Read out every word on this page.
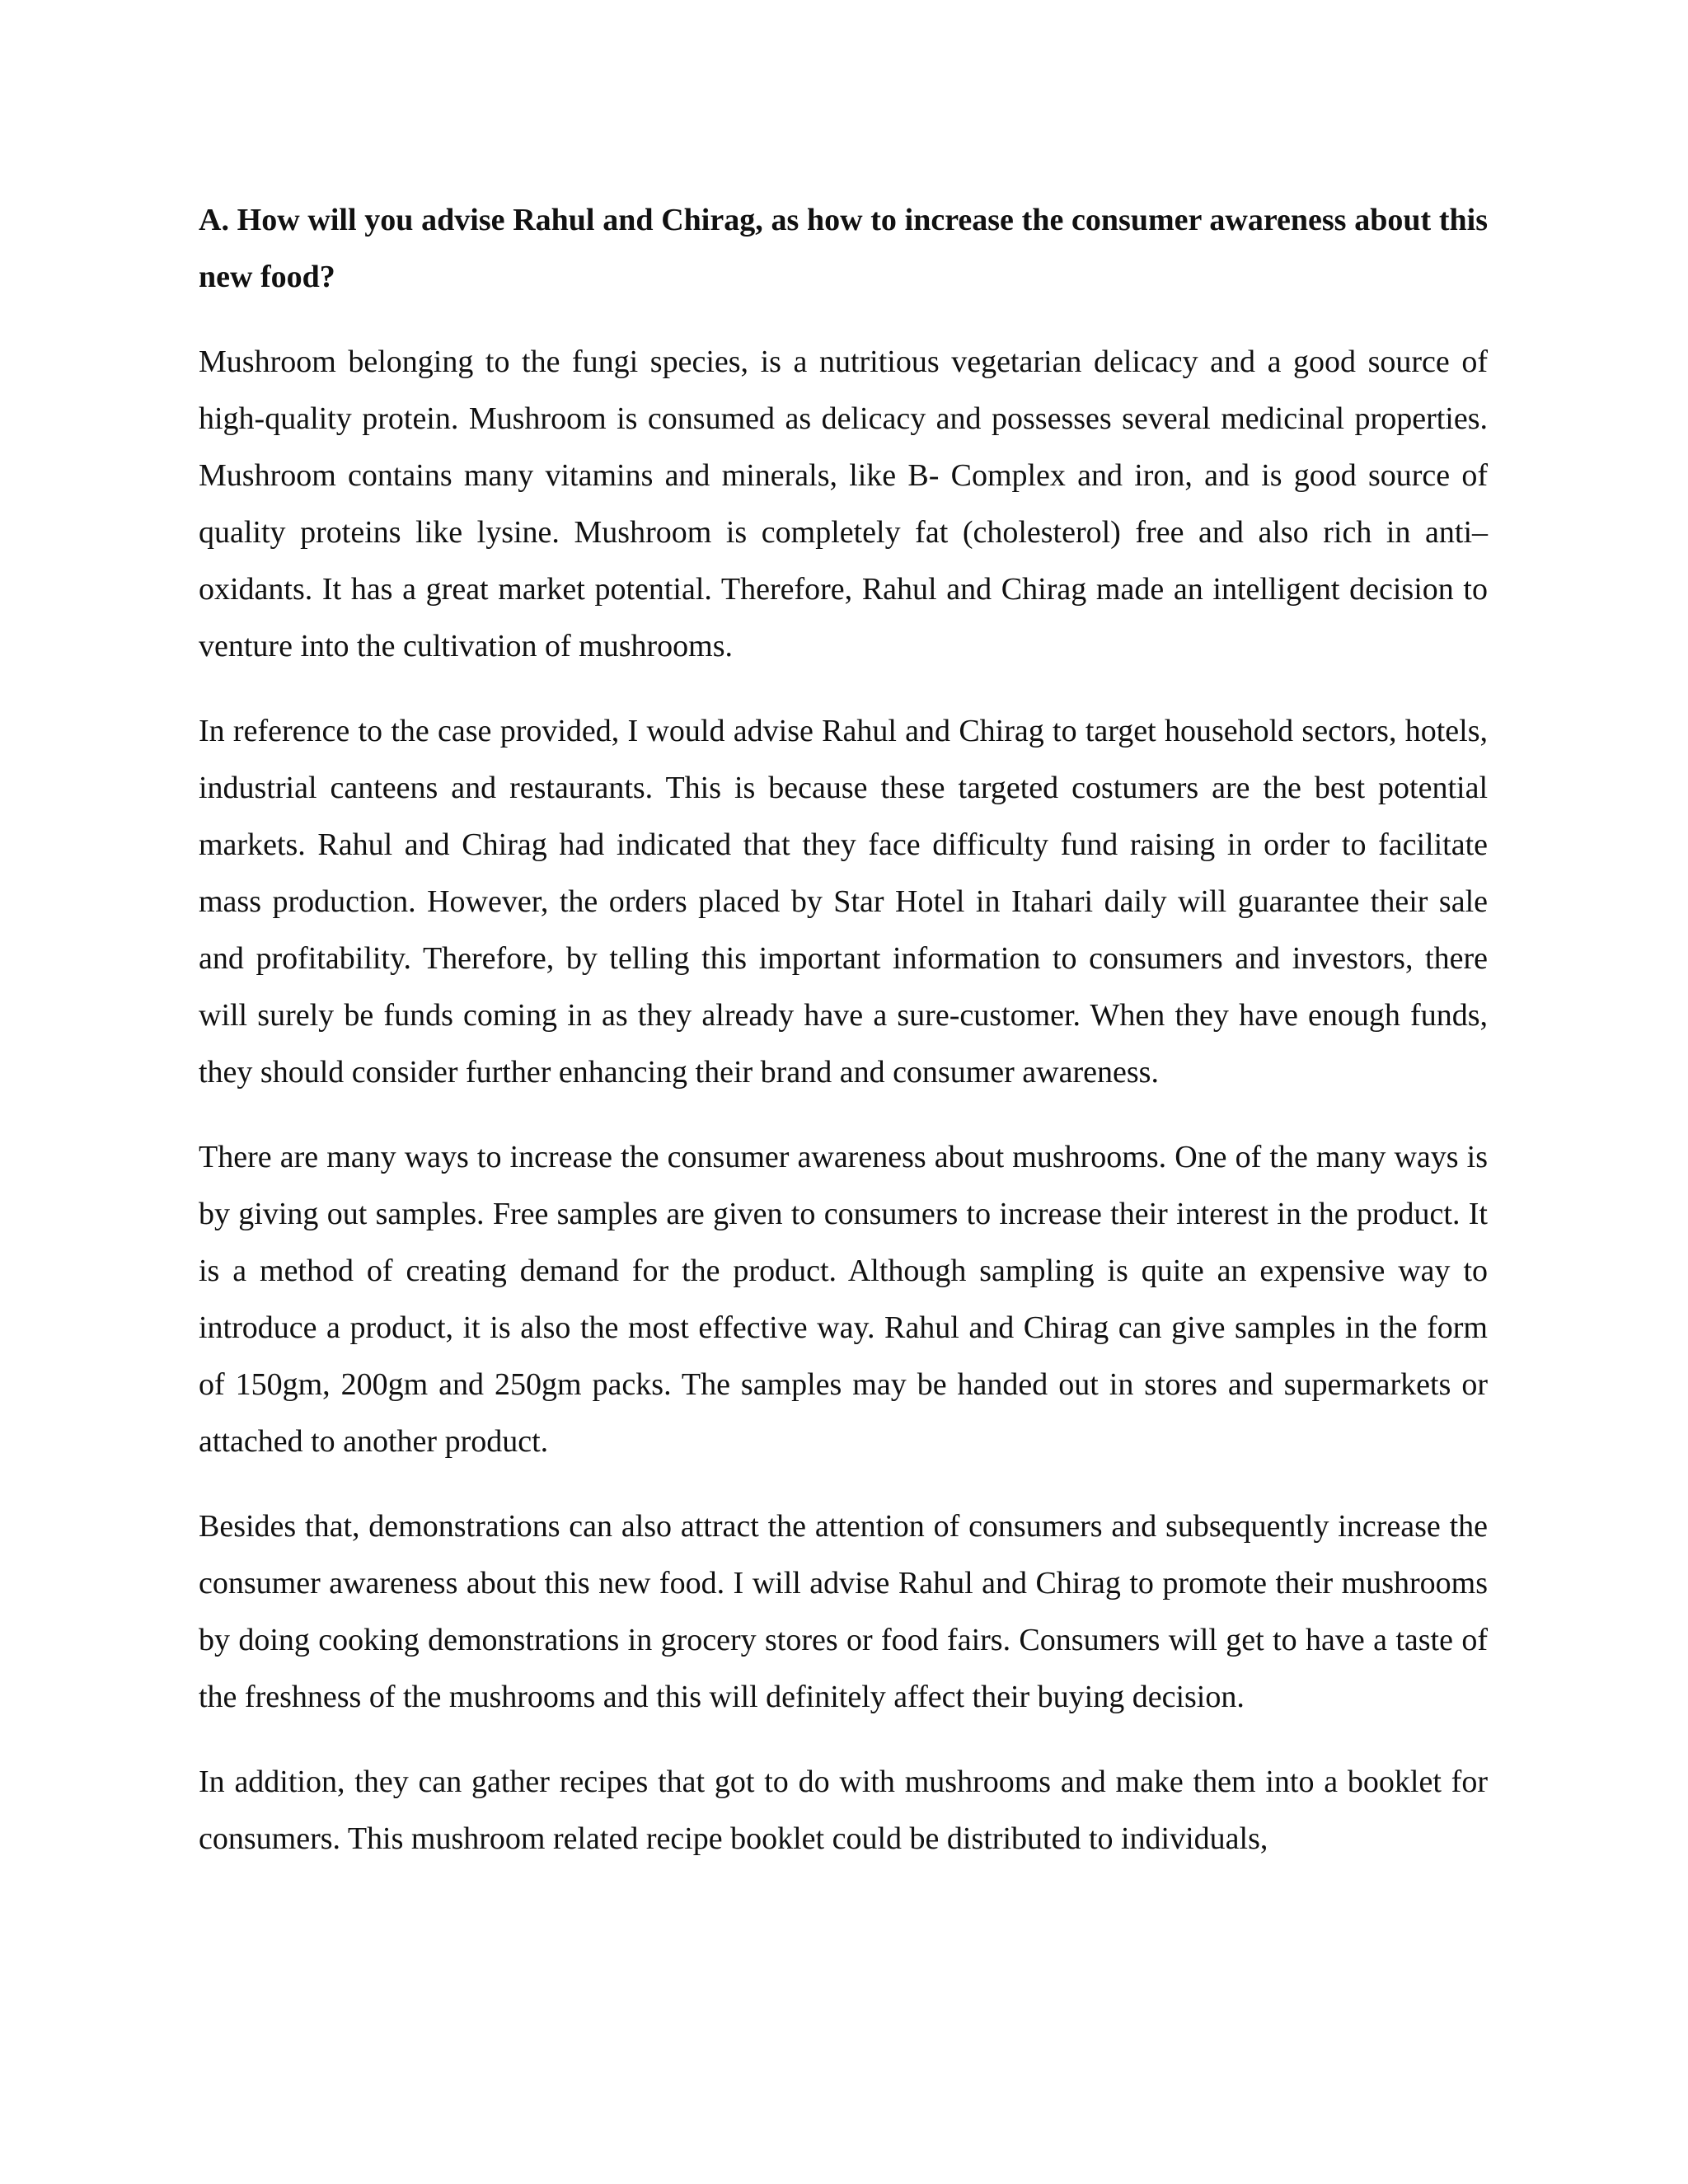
A. How will you advise Rahul and Chirag, as how to increase the consumer awareness about this new food?

Mushroom belonging to the fungi species, is a nutritious vegetarian delicacy and a good source of high-quality protein. Mushroom is consumed as delicacy and possesses several medicinal properties. Mushroom contains many vitamins and minerals, like B- Complex and iron, and is good source of quality proteins like lysine. Mushroom is completely fat (cholesterol) free and also rich in anti–oxidants. It has a great market potential. Therefore, Rahul and Chirag made an intelligent decision to venture into the cultivation of mushrooms.

In reference to the case provided, I would advise Rahul and Chirag to target household sectors, hotels, industrial canteens and restaurants. This is because these targeted costumers are the best potential markets. Rahul and Chirag had indicated that they face difficulty fund raising in order to facilitate mass production. However, the orders placed by Star Hotel in Itahari daily will guarantee their sale and profitability. Therefore, by telling this important information to consumers and investors, there will surely be funds coming in as they already have a sure-customer. When they have enough funds, they should consider further enhancing their brand and consumer awareness.

There are many ways to increase the consumer awareness about mushrooms. One of the many ways is by giving out samples. Free samples are given to consumers to increase their interest in the product. It is a method of creating demand for the product. Although sampling is quite an expensive way to introduce a product, it is also the most effective way. Rahul and Chirag can give samples in the form of 150gm, 200gm and 250gm packs. The samples may be handed out in stores and supermarkets or attached to another product.

Besides that, demonstrations can also attract the attention of consumers and subsequently increase the consumer awareness about this new food. I will advise Rahul and Chirag to promote their mushrooms by doing cooking demonstrations in grocery stores or food fairs. Consumers will get to have a taste of the freshness of the mushrooms and this will definitely affect their buying decision.

In addition, they can gather recipes that got to do with mushrooms and make them into a booklet for consumers. This mushroom related recipe booklet could be distributed to individuals,
